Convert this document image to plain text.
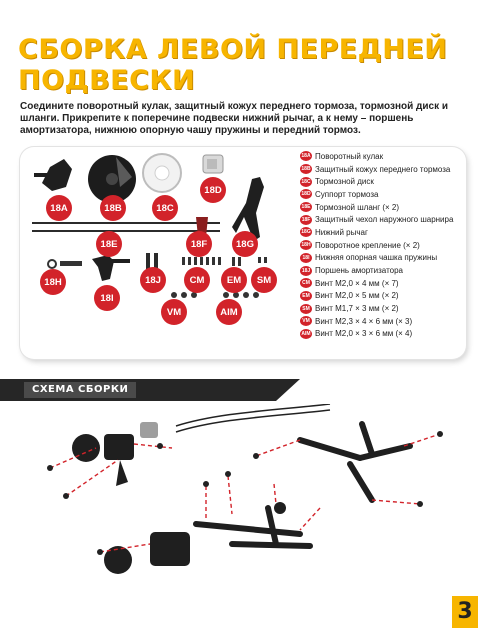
СБОРКА ЛЕВОЙ ПЕРЕДНЕЙ
ПОДВЕСКИ
Соедините поворотный кулак, защитный кожух переднего тормоза, тормозной диск и шланги. Прикрепите к поперечине подвески нижний рычаг, а к нему – поршень амортизатора, нижнюю опорную чашу пружины и передний тормоз.
18A	18B	18C
18D
18E	18F	18G
18H
18I
18J	CM	EM	SM
VM	AIM
18A Поворотный кулак
18B Защитный кожух переднего тормоза
18C Тормозной диск
18D Суппорт тормоза
18E Тормозной шланг (× 2)
18F Защитный чехол наружного шарнира
18G Нижний рычаг
18H Поворотное крепление (× 2)
18I Нижняя опорная чашка пружины
18J Поршень амортизатора
CM Винт М2,0 × 4 мм (× 7)
EM Винт М2,0 × 5 мм (× 2)
SM Винт М1,7 × 3 мм (× 2)
VM Винт М2,3 × 4 × 6 мм (× 3)
AIM Винт М2,0 × 3 × 6 мм (× 4)
СХЕМА СБОРКИ
3
